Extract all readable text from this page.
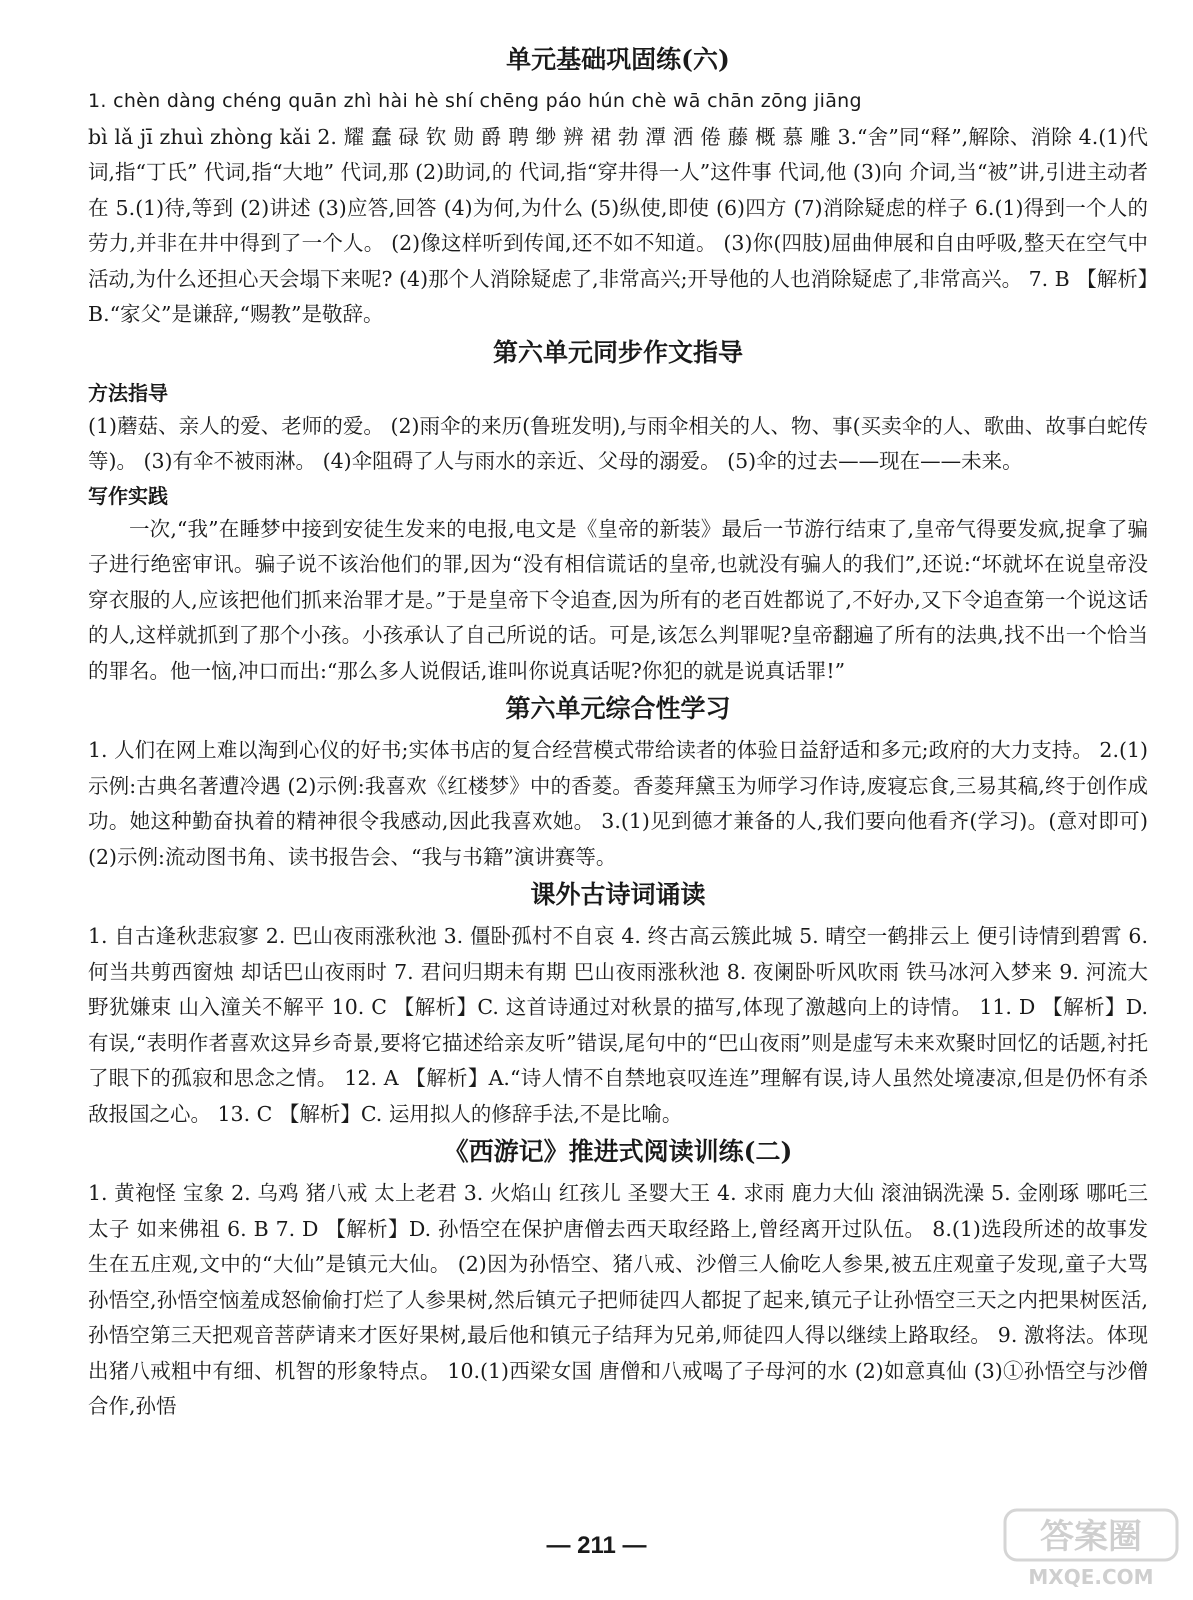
单元基础巩固练(六)
1. chèn dàng chéng quān zhì hài hè shí chēng páo hún chè wā chān zōng jiāng
bì lǎ jī zhuì zhòng kǎi 2. 耀 蠢 碌 钦 勋 爵 聘 缈 辨 裙 勃 潭 洒 倦 藤 概 慕 雕 3.“舍”同“释”,解除、消除 4.(1)代词,指“丁氏” 代词,指“大地” 代词,那 (2)助词,的 代词,指“穿井得一人”这件事 代词,他 (3)向 介词,当“被”讲,引进主动者 在 5.(1)待,等到 (2)讲述 (3)应答,回答 (4)为何,为什么 (5)纵使,即使 (6)四方 (7)消除疑虑的样子 6.(1)得到一个人的劳力,并非在井中得到了一个人。 (2)像这样听到传闻,还不如不知道。 (3)你(四肢)屈曲伸展和自由呼吸,整天在空气中活动,为什么还担心天会塌下来呢? (4)那个人消除疑虑了,非常高兴;开导他的人也消除疑虑了,非常高兴。 7. B 【解析】B.“家父”是谦辞,“赐教”是敬辞。
第六单元同步作文指导
方法指导
(1)蘑菇、亲人的爱、老师的爱。 (2)雨伞的来历(鲁班发明),与雨伞相关的人、物、事(买卖伞的人、歌曲、故事白蛇传等)。 (3)有伞不被雨淋。 (4)伞阻碍了人与雨水的亲近、父母的溺爱。 (5)伞的过去——现在——未来。
写作实践
一次,“我”在睡梦中接到安徒生发来的电报,电文是《皇帝的新装》最后一节游行结束了,皇帝气得要发疯,捉拿了骗子进行绝密审讯。骗子说不该治他们的罪,因为“没有相信谎话的皇帝,也就没有骗人的我们”,还说:“坏就坏在说皇帝没穿衣服的人,应该把他们抓来治罪才是。”于是皇帝下令追查,因为所有的老百姓都说了,不好办,又下令追查第一个说这话的人,这样就抓到了那个小孩。小孩承认了自己所说的话。可是,该怎么判罪呢?皇帝翻遍了所有的法典,找不出一个恰当的罪名。他一恼,冲口而出:“那么多人说假话,谁叫你说真话呢?你犯的就是说真话罪!”
第六单元综合性学习
1. 人们在网上难以淘到心仪的好书;实体书店的复合经营模式带给读者的体验日益舒适和多元;政府的大力支持。 2.(1)示例:古典名著遭冷遇 (2)示例:我喜欢《红楼梦》中的香菱。香菱拜黛玉为师学习作诗,废寝忘食,三易其稿,终于创作成功。她这种勤奋执着的精神很令我感动,因此我喜欢她。 3.(1)见到德才兼备的人,我们要向他看齐(学习)。(意对即可) (2)示例:流动图书角、读书报告会、“我与书籍”演讲赛等。
课外古诗词诵读
1. 自古逢秋悲寂寥 2. 巴山夜雨涨秋池 3. 僵卧孤村不自哀 4. 终古高云簇此城 5. 晴空一鹤排云上 便引诗情到碧霄 6. 何当共剪西窗烛 却话巴山夜雨时 7. 君问归期未有期 巴山夜雨涨秋池 8. 夜阑卧听风吹雨 铁马冰河入梦来 9. 河流大野犹嫌束 山入潼关不解平 10. C 【解析】C. 这首诗通过对秋景的描写,体现了激越向上的诗情。 11. D 【解析】D. 有误,“表明作者喜欢这异乡奇景,要将它描述给亲友听”错误,尾句中的“巴山夜雨”则是虚写未来欢聚时回忆的话题,衬托了眼下的孤寂和思念之情。 12. A 【解析】A.“诗人情不自禁地哀叹连连”理解有误,诗人虽然处境凄凉,但是仍怀有杀敌报国之心。 13. C 【解析】C. 运用拟人的修辞手法,不是比喻。
《西游记》推进式阅读训练(二)
1. 黄袍怪 宝象 2. 乌鸡 猪八戒 太上老君 3. 火焰山 红孩儿 圣婴大王 4. 求雨 鹿力大仙 滚油锅洗澡 5. 金刚琢 哪吒三太子 如来佛祖 6. B 7. D 【解析】D. 孙悟空在保护唐僧去西天取经路上,曾经离开过队伍。 8.(1)选段所述的故事发生在五庄观,文中的“大仙”是镇元大仙。 (2)因为孙悟空、猪八戒、沙僧三人偷吃人参果,被五庄观童子发现,童子大骂孙悟空,孙悟空恼羞成怒偷偷打烂了人参果树,然后镇元子把师徒四人都捉了起来,镇元子让孙悟空三天之内把果树医活,孙悟空第三天把观音菩萨请来才医好果树,最后他和镇元子结拜为兄弟,师徒四人得以继续上路取经。 9. 激将法。体现出猪八戒粗中有细、机智的形象特点。 10.(1)西梁女国 唐僧和八戒喝了子母河的水 (2)如意真仙 (3)①孙悟空与沙僧合作,孙悟
— 211 —	答案圈
MXQE.COM
